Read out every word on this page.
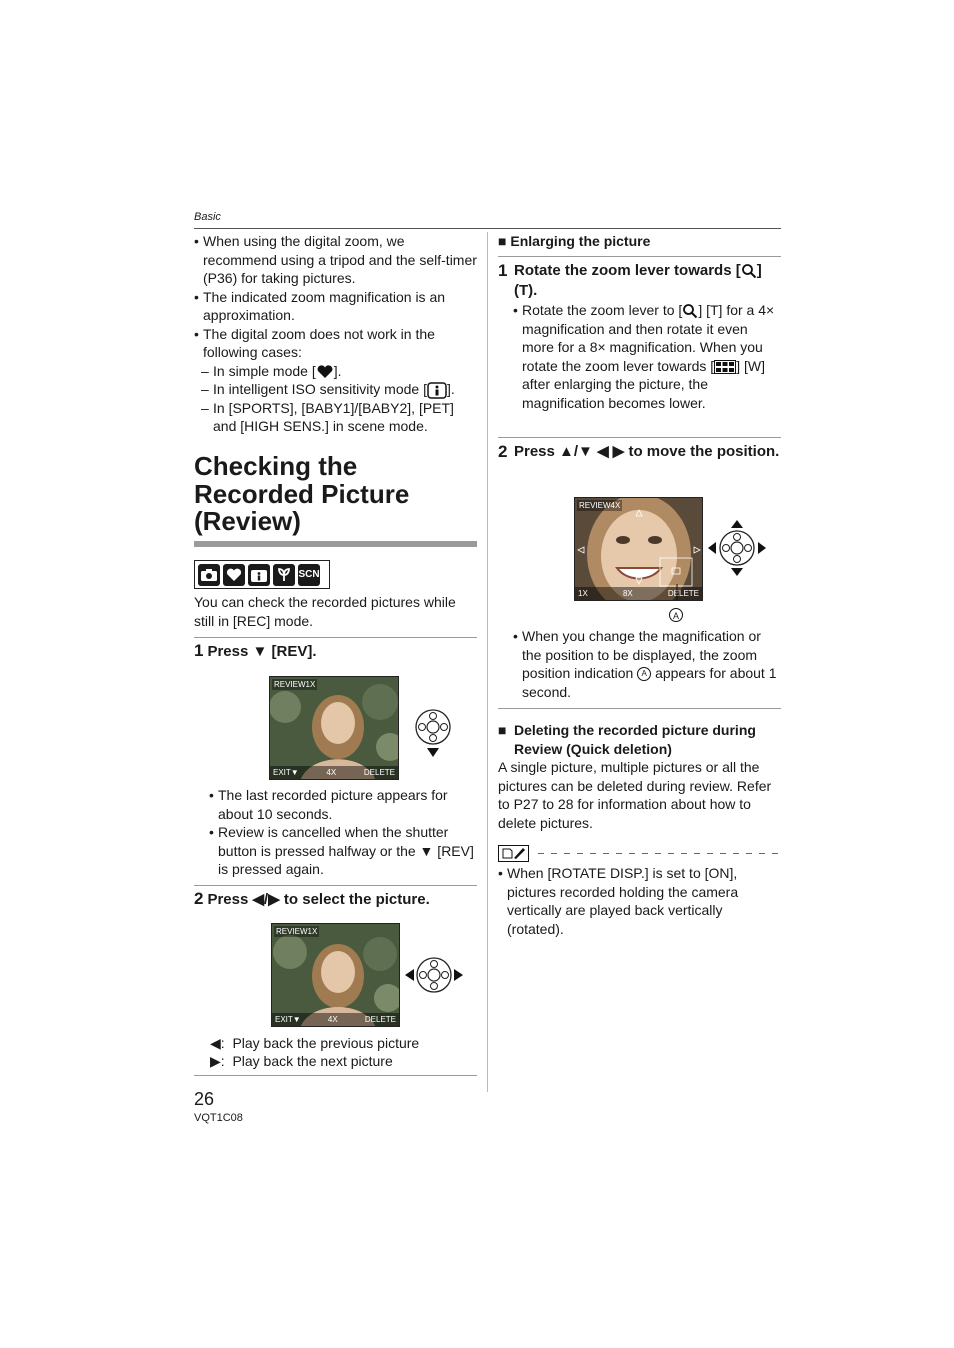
Basic
• When using the digital zoom, we recommend using a tripod and the self-timer (P36) for taking pictures.
• The indicated zoom magnification is an approximation.
• The digital zoom does not work in the following cases:
– In simple mode [ ].
– In intelligent ISO sensitivity mode [ ].
– In [SPORTS], [BABY1]/[BABY2], [PET] and [HIGH SENS.] in scene mode.
Checking the Recorded Picture (Review)
SCN
You can check the recorded pictures while still in [REC] mode.
1 Press ▼ [REV].
REVIEW1X
EXIT▼	4X	DELETE
• The last recorded picture appears for about 10 seconds.
• Review is cancelled when the shutter button is pressed halfway or the ▼ [REV] is pressed again.
2 Press ◀/▶ to select the picture.
REVIEW1X
EXIT▼	4X	DELETE
◀: Play back the previous picture
▶: Play back the next picture
■ Enlarging the picture
1 Rotate the zoom lever towards [ ] (T).
• Rotate the zoom lever to [ ] [T] for a 4× magnification and then rotate it even more for a 8× magnification. When you rotate the zoom lever towards [ ] [W] after enlarging the picture, the magnification becomes lower.
2 Press ▲/▼ ◀ ▶ to move the position.
REVIEW4X
1X	8X	DELETE
A
• When you change the magnification or the position to be displayed, the zoom position indication A appears for about 1 second.
■ Deleting the recorded picture during Review (Quick deletion)
A single picture, multiple pictures or all the pictures can be deleted during review. Refer to P27 to 28 for information about how to delete pictures.
• When [ROTATE DISP.] is set to [ON], pictures recorded holding the camera vertically are played back vertically (rotated).
26
VQT1C08
